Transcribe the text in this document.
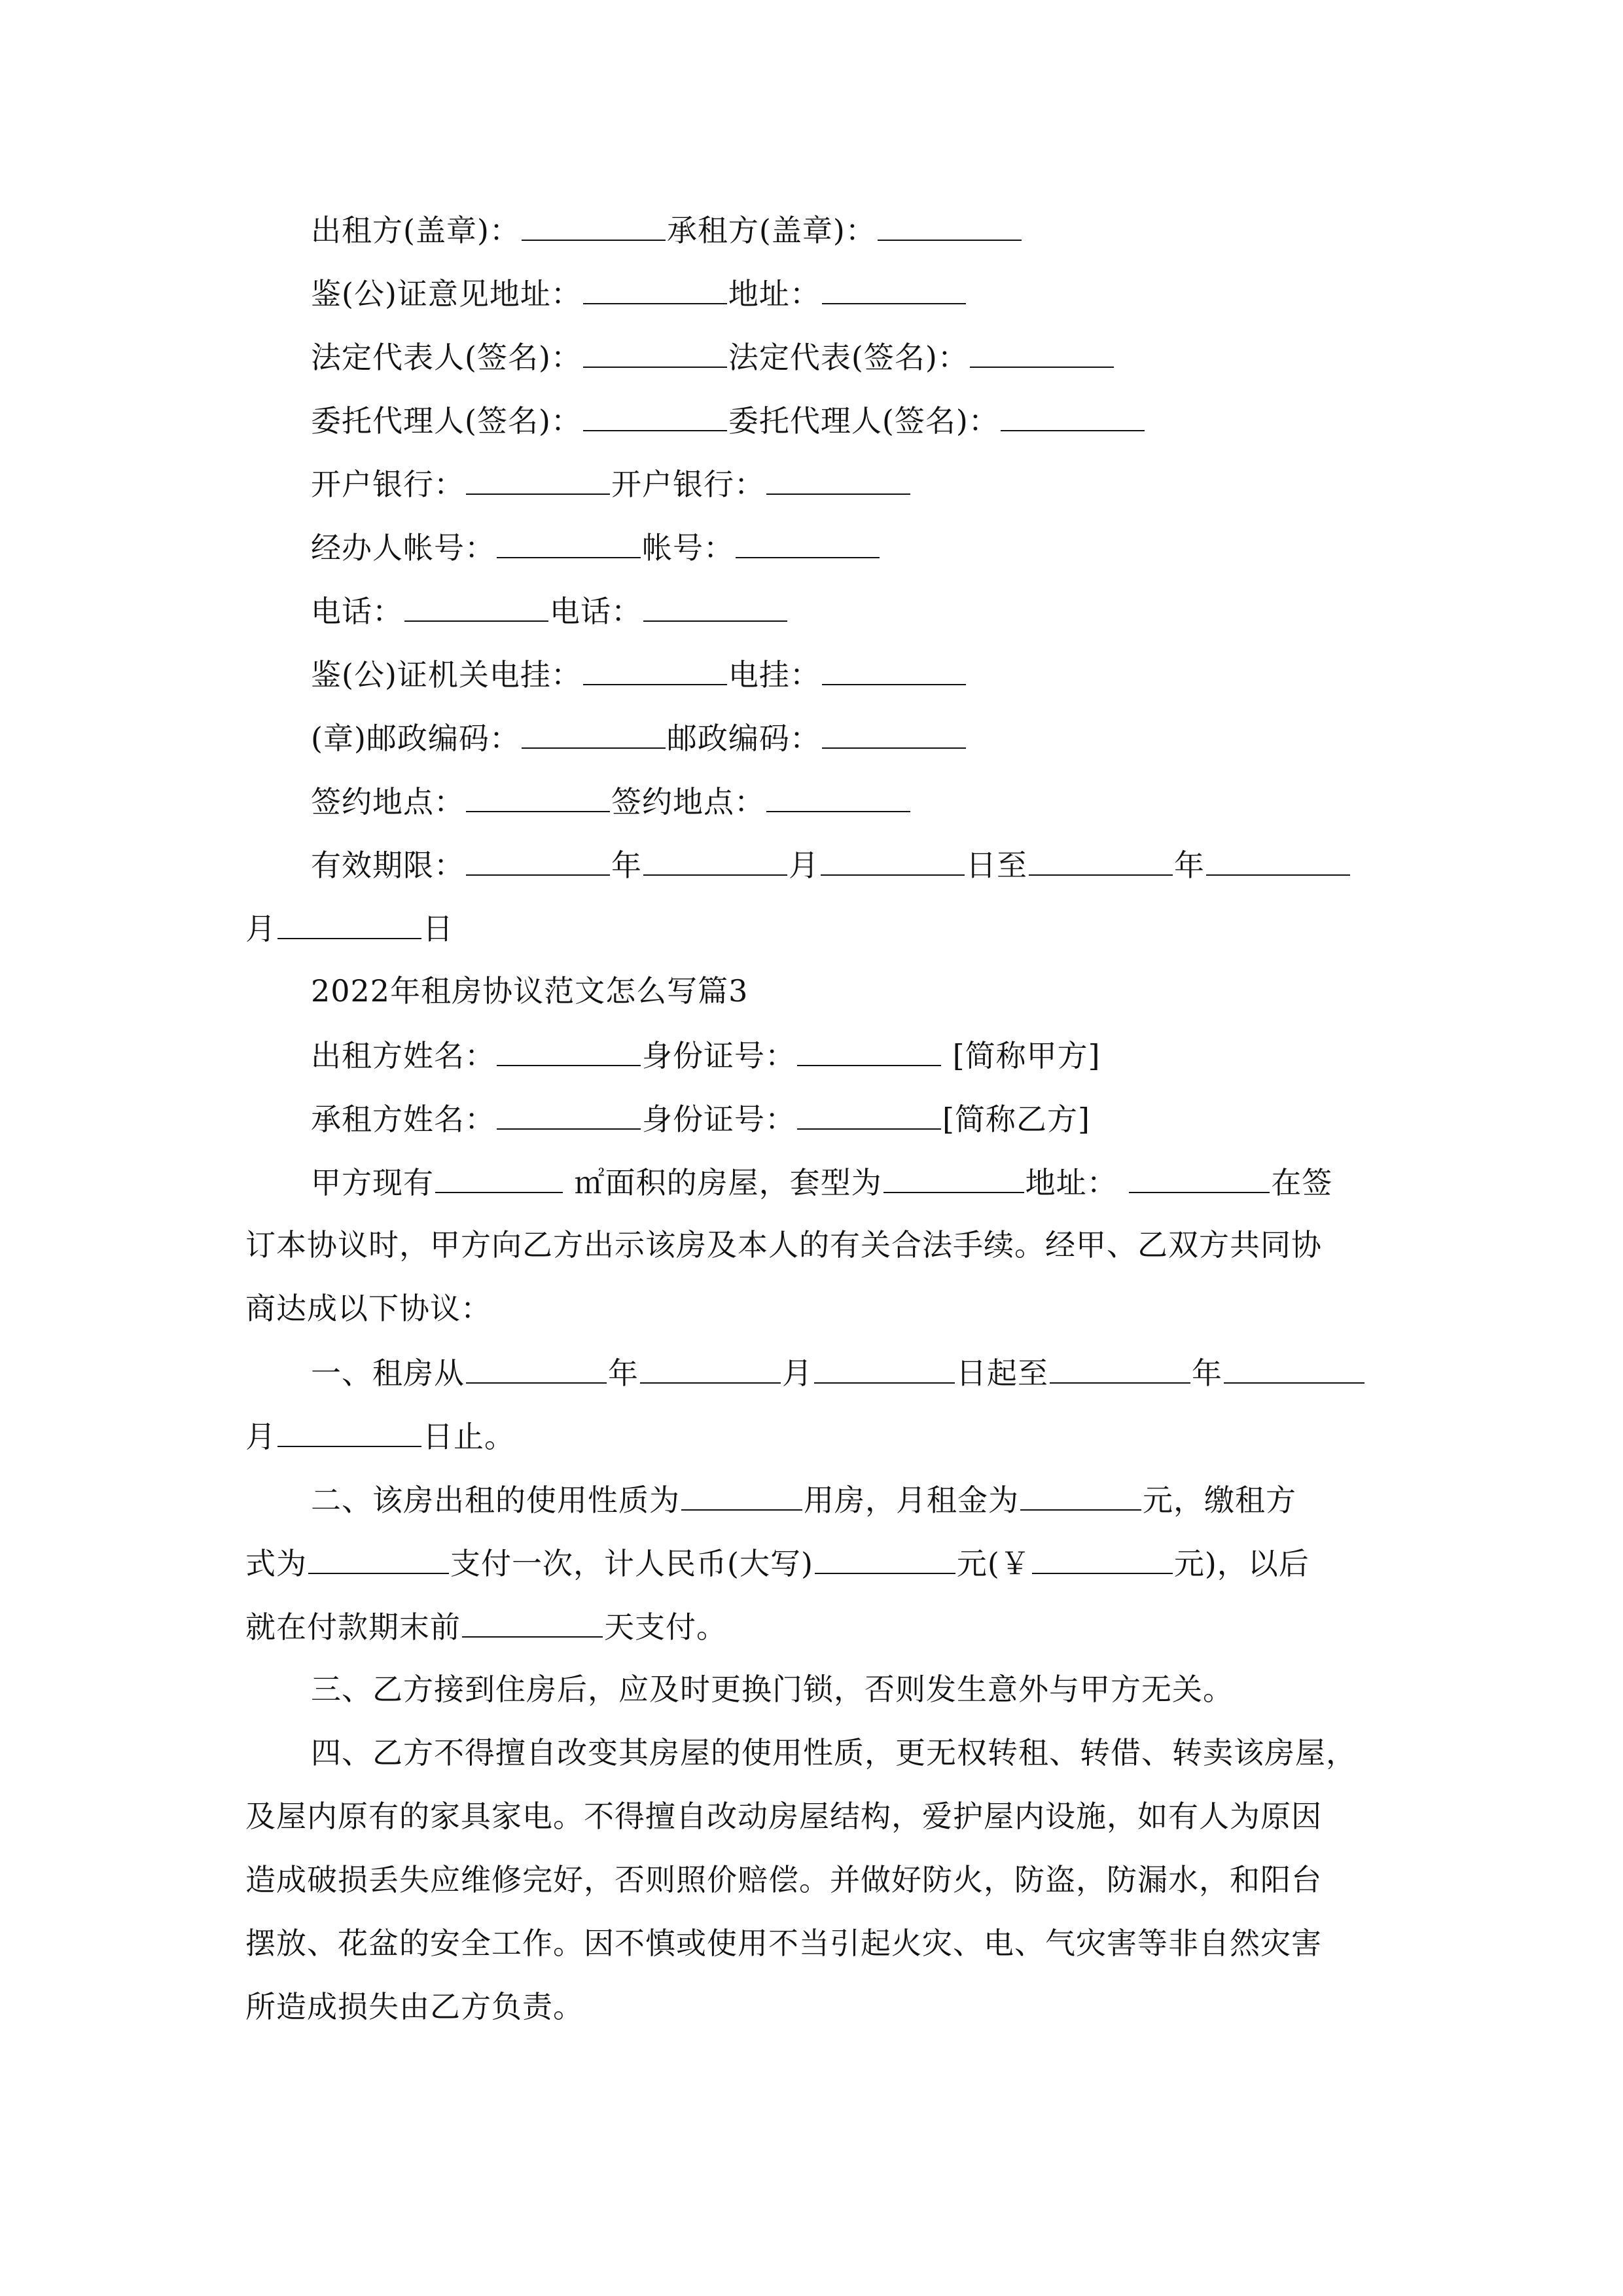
出租方(盖章)：	承租方(盖章)：
鉴(公)证意见地址：	地址：
法定代表人(签名)：	法定代表(签名)：
委托代理人(签名)：	委托代理人(签名)：
开户银行：	开户银行：
经办人帐号：	帐号：
电话：	电话：
鉴(公)证机关电挂：	电挂：
(章)邮政编码：	邮政编码：
签约地点：	签约地点：
有效期限：	年	月	日至	年
月	日
2022年租房协议范文怎么写篇3
出租方姓名：	身份证号：	[简称甲方]
承租方姓名：	身份证号：	[简称乙方]
甲方现有	㎡面积的房屋，套型为	地址：	在签
订本协议时，甲方向乙方出示该房及本人的有关合法手续。经甲、乙双方共同协
商达成以下协议：
一、租房从	年	月	日起至	年
月	日止。
二、该房出租的使用性质为	用房，月租金为	元，缴租方
式为	支付一次，计人民币(大写)	元(￥	元)，以后
就在付款期末前	天支付。
三、乙方接到住房后，应及时更换门锁，否则发生意外与甲方无关。
四、乙方不得擅自改变其房屋的使用性质，更无权转租、转借、转卖该房屋，
及屋内原有的家具家电。不得擅自改动房屋结构，爱护屋内设施，如有人为原因
造成破损丢失应维修完好，否则照价赔偿。并做好防火，防盗，防漏水，和阳台
摆放、花盆的安全工作。因不慎或使用不当引起火灾、电、气灾害等非自然灾害
所造成损失由乙方负责。
